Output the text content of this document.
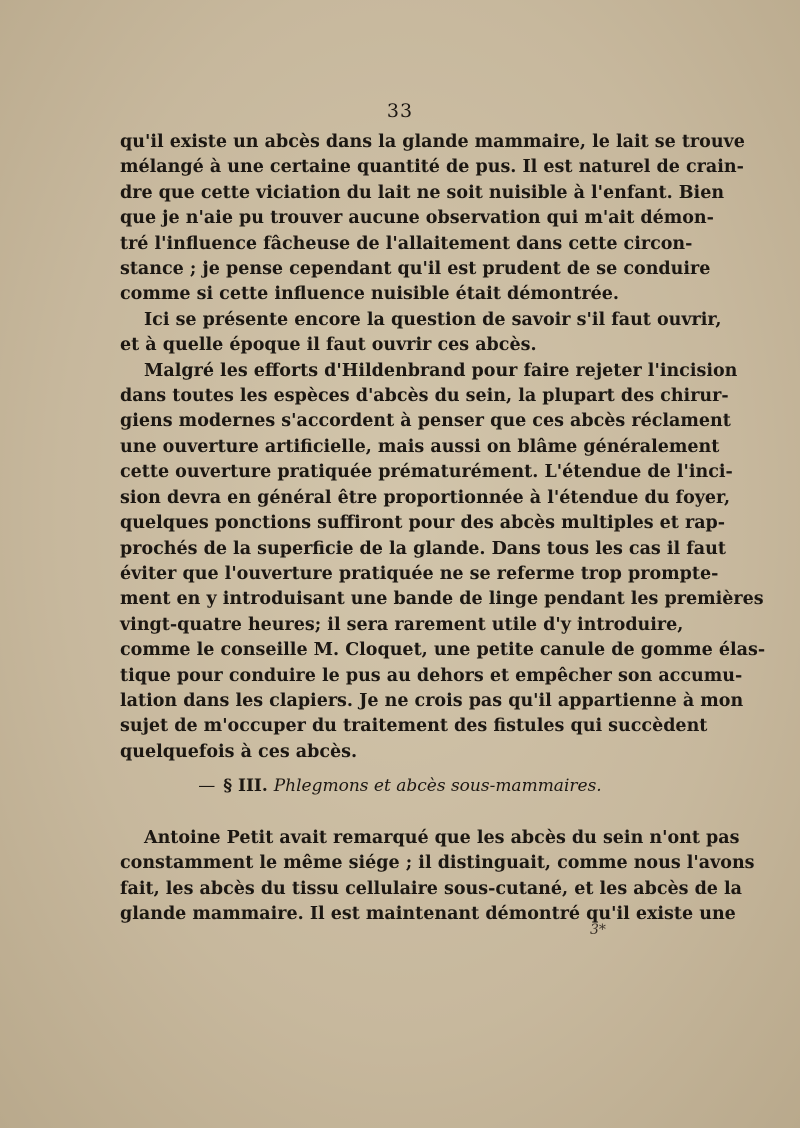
33

qu'il existe un abcès dans la glande mammaire, le lait se trouve
mélangé à une certaine quantité de pus. Il est naturel de crain-
dre que cette viciation du lait ne soit nuisible à l'enfant. Bien
que je n'aie pu trouver aucune observation qui m'ait démon-
tré l'influence fâcheuse de l'allaitement dans cette circon-
stance ; je pense cependant qu'il est prudent de se conduire
comme si cette influence nuisible était démontrée.

Ici se présente encore la question de savoir s'il faut ouvrir,
et à quelle époque il faut ouvrir ces abcès.

Malgré les efforts d'Hildenbrand pour faire rejeter l'incision
dans toutes les espèces d'abcès du sein, la plupart des chirur-
giens modernes s'accordent à penser que ces abcès réclament
une ouverture artificielle, mais aussi on blâme généralement
cette ouverture pratiquée prématurément. L'étendue de l'inci-
sion devra en général être proportionnée à l'étendue du foyer,
quelques ponctions suffiront pour des abcès multiples et rap-
prochés de la superficie de la glande. Dans tous les cas il faut
éviter que l'ouverture pratiquée ne se referme trop prompte-
ment en y introduisant une bande de linge pendant les premières
vingt-quatre heures; il sera rarement utile d'y introduire,
comme le conseille M. Cloquet, une petite canule de gomme élas-
tique pour conduire le pus au dehors et empêcher son accumu-
lation dans les clapiers. Je ne crois pas qu'il appartienne à mon
sujet de m'occuper du traitement des fistules qui succèdent
quelquefois à ces abcès.

— § III. Phlegmons et abcès sous-mammaires.

Antoine Petit avait remarqué que les abcès du sein n'ont pas
constamment le même siége ; il distinguait, comme nous l'avons
fait, les abcès du tissu cellulaire sous-cutané, et les abcès de la
glande mammaire. Il est maintenant démontré qu'il existe une

3*
